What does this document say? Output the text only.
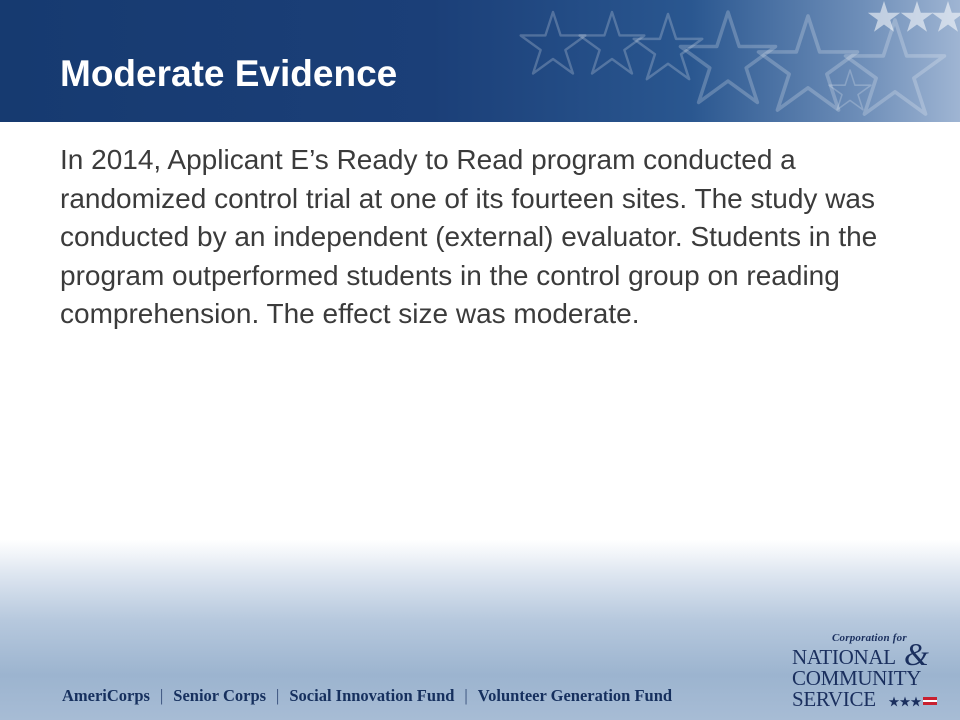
Moderate Evidence

In 2014, Applicant E’s Ready to Read program conducted a randomized control trial at one of its fourteen sites. The study was conducted by an independent (external) evaluator. Students in the program outperformed students in the control group on reading comprehension. The effect size was moderate.

AmeriCorps | Senior Corps | Social Innovation Fund | Volunteer Generation Fund
Corporation for
NATIONAL &
COMMUNITY
SERVICE
